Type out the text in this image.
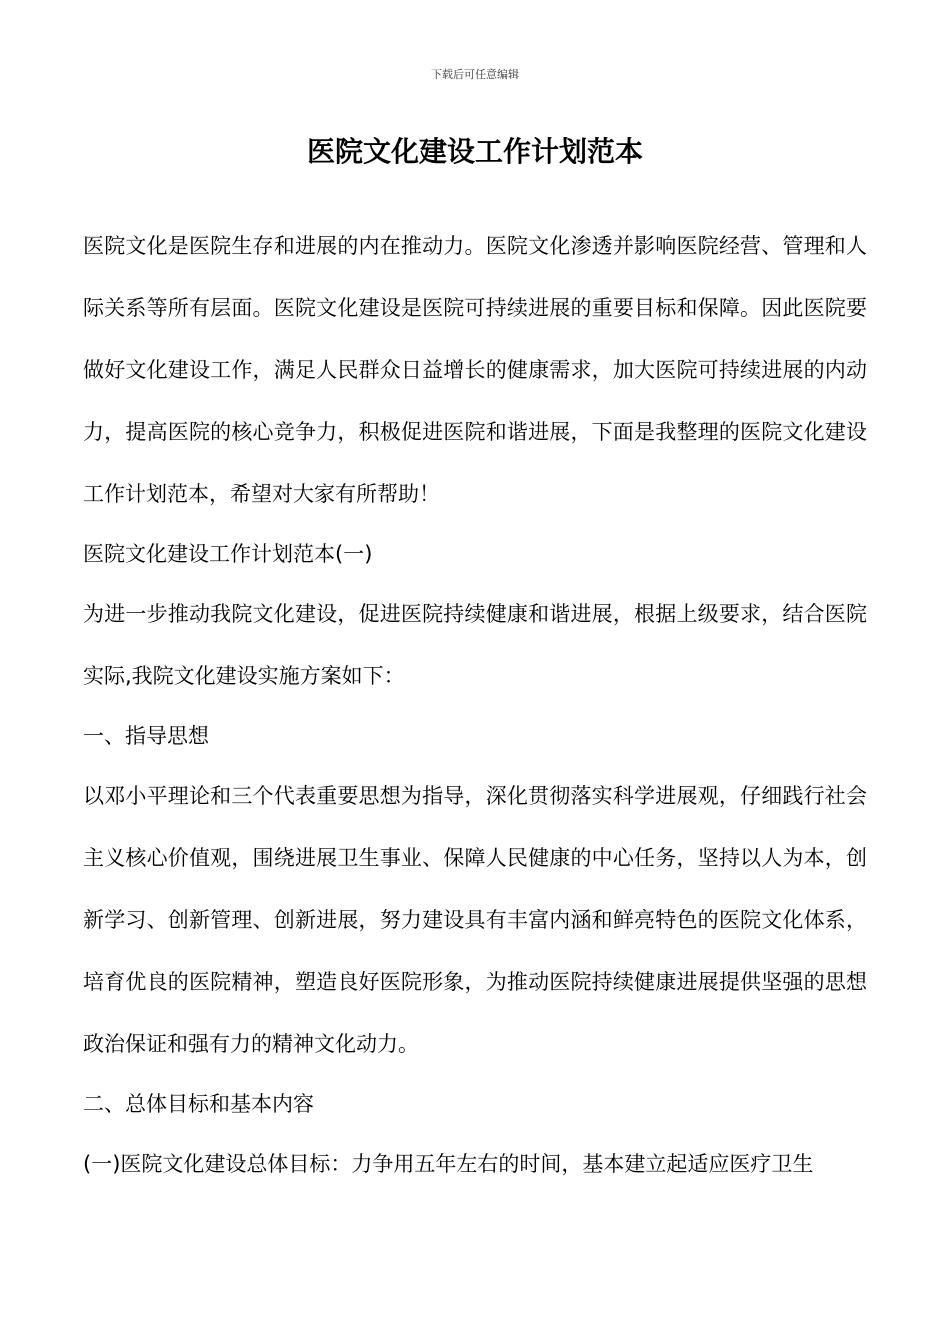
下载后可任意编辑
医院文化建设工作计划范本

医院文化是医院生存和进展的内在推动力。医院文化渗透并影响医院经营、管理和人际关系等所有层面。医院文化建设是医院可持续进展的重要目标和保障。因此医院要做好文化建设工作，满足人民群众日益增长的健康需求，加大医院可持续进展的内动力，提高医院的核心竞争力，积极促进医院和谐进展，下面是我整理的医院文化建设工作计划范本，希望对大家有所帮助！

医院文化建设工作计划范本(一)

为进一步推动我院文化建设，促进医院持续健康和谐进展，根据上级要求，结合医院实际,我院文化建设实施方案如下：

一、指导思想

以邓小平理论和三个代表重要思想为指导，深化贯彻落实科学进展观，仔细践行社会主义核心价值观，围绕进展卫生事业、保障人民健康的中心任务，坚持以人为本，创新学习、创新管理、创新进展，努力建设具有丰富内涵和鲜亮特色的医院文化体系，培育优良的医院精神，塑造良好医院形象，为推动医院持续健康进展提供坚强的思想政治保证和强有力的精神文化动力。

二、总体目标和基本内容

(一)医院文化建设总体目标：力争用五年左右的时间，基本建立起适应医疗卫生
